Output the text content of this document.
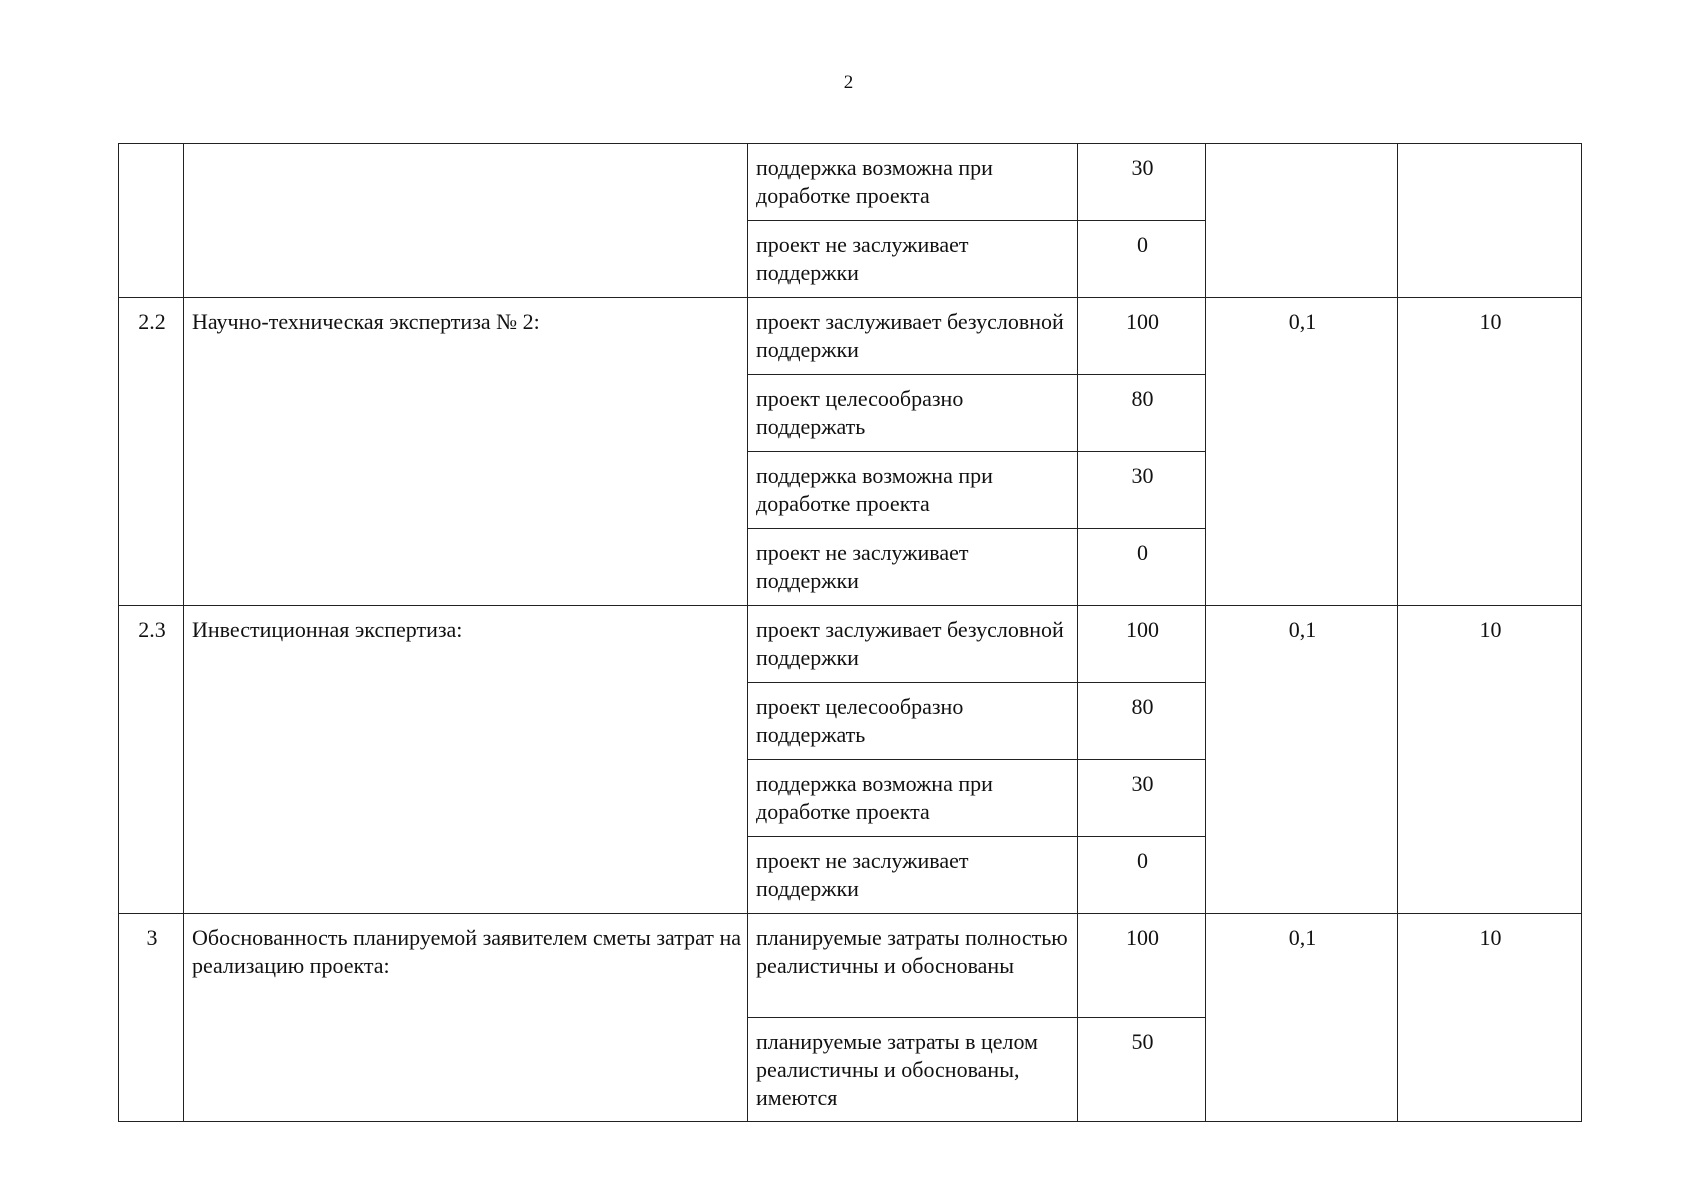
2
		поддержка возможна при доработке проекта	30		
		проект не заслуживает поддержки	0		
2.2	Научно-техническая экспертиза № 2:	проект заслуживает безусловной поддержки	100	0,1	10
		проект целесообразно поддержать	80		
		поддержка возможна при доработке проекта	30		
		проект не заслуживает поддержки	0		
2.3	Инвестиционная экспертиза:	проект заслуживает безусловной поддержки	100	0,1	10
		проект целесообразно поддержать	80		
		поддержка возможна при доработке проекта	30		
		проект не заслуживает поддержки	0		
3	Обоснованность планируемой заявителем сметы затрат на реализацию проекта:	планируемые затраты полностью реалистичны и обоснованы	100	0,1	10
		планируемые затраты в целом реалистичны и обоснованы, имеются	50		
